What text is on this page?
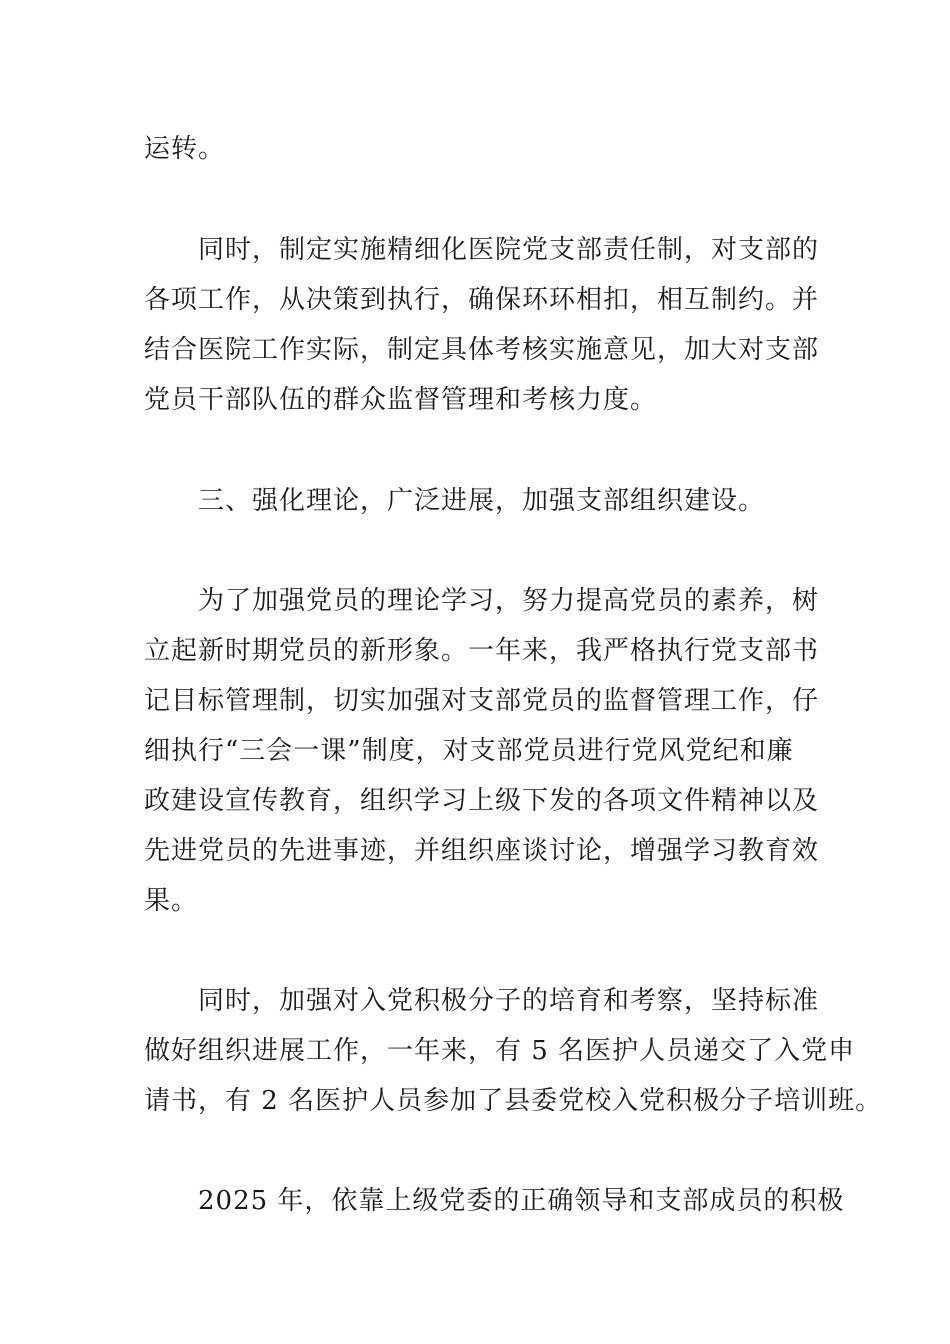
运转。
同时，制定实施精细化医院党支部责任制，对支部的
各项工作，从决策到执行，确保环环相扣，相互制约。并
结合医院工作实际，制定具体考核实施意见，加大对支部
党员干部队伍的群众监督管理和考核力度。
三、强化理论，广泛进展，加强支部组织建设。
为了加强党员的理论学习，努力提高党员的素养，树
立起新时期党员的新形象。一年来，我严格执行党支部书
记目标管理制，切实加强对支部党员的监督管理工作，仔
细执行“三会一课”制度，对支部党员进行党风党纪和廉
政建设宣传教育，组织学习上级下发的各项文件精神以及
先进党员的先进事迹，并组织座谈讨论，增强学习教育效
果。
同时，加强对入党积极分子的培育和考察，坚持标准
做好组织进展工作，一年来，有 5 名医护人员递交了入党申
请书，有 2 名医护人员参加了县委党校入党积极分子培训班。
2025 年，依靠上级党委的正确领导和支部成员的积极
